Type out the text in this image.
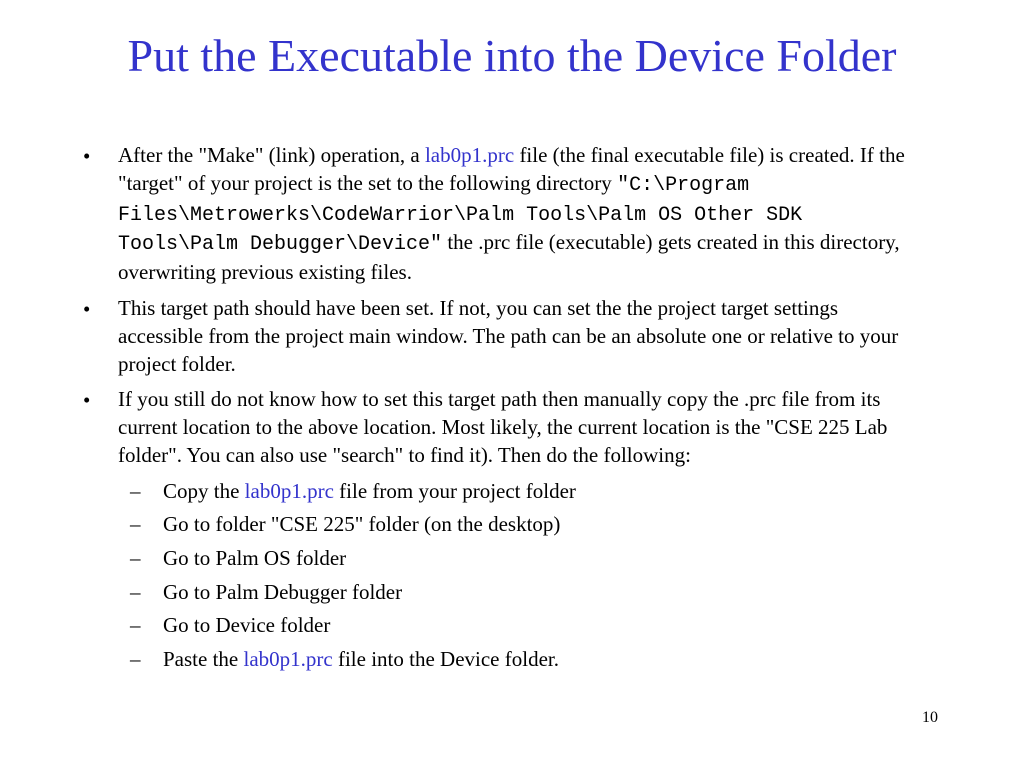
Put the Executable into the Device Folder
• After the "Make" (link) operation, a lab0p1.prc file (the final executable file) is created. If the "target" of your project is the set to the following directory "C:\Program Files\Metrowerks\CodeWarrior\Palm Tools\Palm OS Other SDK Tools\Palm Debugger\Device" the .prc file (executable) gets created in this directory, overwriting previous existing files.
• This target path should have been set. If not, you can set the the project target settings accessible from the project main window. The path can be an absolute one or relative to your project folder.
• If you still do not know how to set this target path then manually copy the .prc file from its current location to the above location. Most likely, the current location is the "CSE 225 Lab folder". You can also use "search" to find it). Then do the following:
– Copy the lab0p1.prc file from your project folder
– Go to folder "CSE 225" folder (on the desktop)
– Go to Palm OS folder
– Go to Palm Debugger folder
– Go to Device folder
– Paste the lab0p1.prc file into the Device folder.
10
